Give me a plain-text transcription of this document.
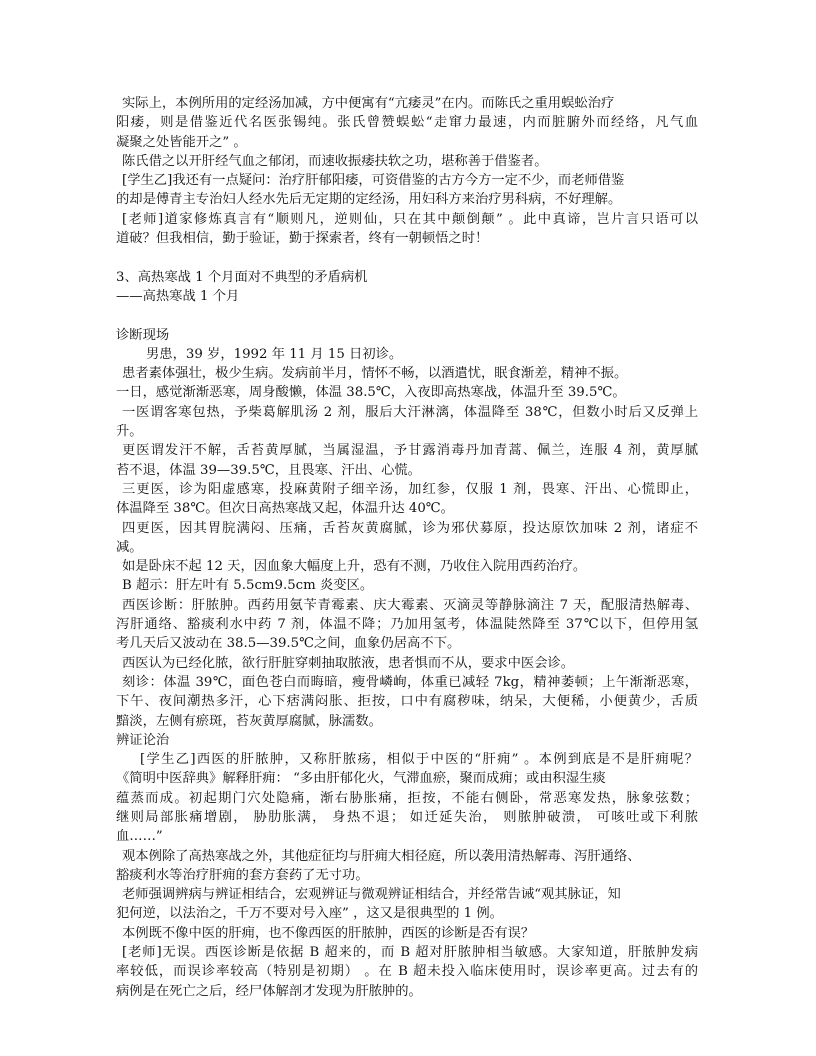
实际上，本例所用的定经汤加减，方中便寓有“亢痿灵”在内。而陈氏之重用蜈蚣治疗
阳痿，则是借鉴近代名医张锡纯。张氏曾赞蜈蚣“走窜力最速，内而脏腑外而经络，凡气血
凝聚之处皆能开之” 。
陈氏借之以开肝经气血之郁闭，而速收振痿扶软之功，堪称善于借鉴者。
[学生乙]我还有一点疑问：治疗肝郁阳痿，可资借鉴的古方今方一定不少，而老师借鉴
的却是傅青主专治妇人经水先后无定期的定经汤，用妇科方来治疗男科病，不好理解。
[老师]道家修炼真言有“顺则凡，逆则仙，只在其中颠倒颠” 。此中真谛，岂片言只语可以
道破？但我相信，勤于验证，勤于探索者，终有一朝顿悟之时！
3、高热寒战 1 个月面对不典型的矛盾病机
——高热寒战 1 个月
诊断现场
男患，39 岁，1992 年 11 月 15 日初诊。
患者素体强壮，极少生病。发病前半月，情怀不畅，以酒遣忧，眠食渐差，精神不振。
一日，感觉渐渐恶寒，周身酸懒，体温 38.5℃，入夜即高热寒战，体温升至 39.5℃。
一医谓客寒包热，予柴葛解肌汤 2 剂，服后大汗淋漓，体温降至 38℃，但数小时后又反弹上
升。
更医谓发汗不解，舌苔黄厚腻，当属湿温，予甘露消毒丹加青蒿、佩兰，连服 4 剂，黄厚腻
苔不退，体温 39—39.5℃，且畏寒、汗出、心慌。
三更医，诊为阳虚感寒，投麻黄附子细辛汤，加红参，仅服 1 剂，畏寒、汗出、心慌即止，
体温降至 38℃。但次日高热寒战又起，体温升达 40℃。
四更医，因其胃脘满闷、压痛，舌苔灰黄腐腻，诊为邪伏募原，投达原饮加味 2 剂，诸症不
减。
如是卧床不起 12 天，因血象大幅度上升，恐有不测，乃收住入院用西药治疗。
B 超示：肝左叶有 5.5cm9.5cm 炎变区。
西医诊断：肝脓肿。西药用氨苄青霉素、庆大霉素、灭滴灵等静脉滴注 7 天，配服清热解毒、
泻肝通络、豁痰利水中药 7 剂，体温不降；乃加用氢考，体温陡然降至 37℃以下，但停用氢
考几天后又波动在 38.5—39.5℃之间，血象仍居高不下。
西医认为已经化脓，欲行肝脏穿刺抽取脓液，患者惧而不从，要求中医会诊。
刻诊：体温 39℃，面色苍白而晦暗，瘦骨嶙峋，体重已减轻 7kg，精神萎顿；上午渐渐恶寒，
下午、夜间潮热多汗，心下痞满闷胀、拒按，口中有腐秽味，纳呆，大便稀，小便黄少，舌质
黯淡，左侧有瘀斑，苔灰黄厚腐腻，脉濡数。
辨证论治
[学生乙]西医的肝脓肿，又称肝脓疡，相似于中医的“肝痈” 。本例到底是不是肝痈呢？
《简明中医辞典》解释肝痈： “多由肝郁化火，气滞血瘀，聚而成痈；或由积湿生痰
蕴蒸而成。初起期门穴处隐痛，渐右胁胀痛，拒按，不能右侧卧，常恶寒发热，脉象弦数；
继则局部胀痛增剧， 胁肋胀满， 身热不退； 如迁延失治， 则脓肿破溃， 可咳吐或下利脓
血……”
观本例除了高热寒战之外，其他症征均与肝痈大相径庭，所以袭用清热解毒、泻肝通络、
豁痰利水等治疗肝痈的套方套药了无寸功。
老师强调辨病与辨证相结合，宏观辨证与微观辨证相结合，并经常告诫“观其脉证，知
犯何逆，以法治之，千万不要对号入座” ，这又是很典型的 1 例。
本例既不像中医的肝痈，也不像西医的肝脓肿，西医的诊断是否有误？
[老师]无误。西医诊断是依据 B 超来的，而 B 超对肝脓肿相当敏感。大家知道，肝脓肿发病
率较低，而误诊率较高（特别是初期） 。在 B 超未投入临床使用时，误诊率更高。过去有的
病例是在死亡之后，经尸体解剖才发现为肝脓肿的。
